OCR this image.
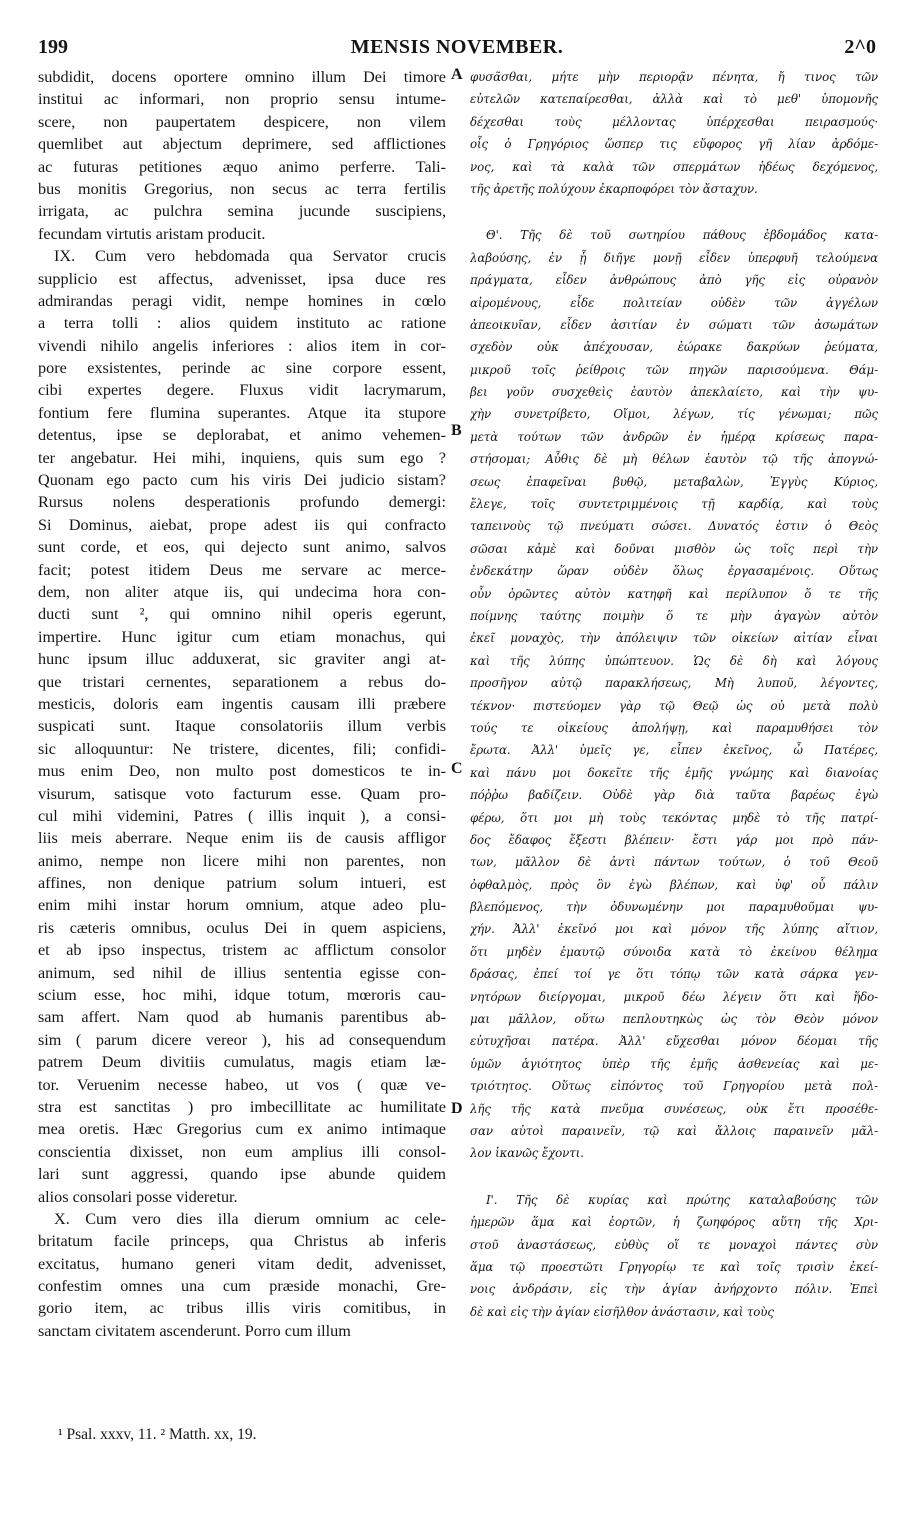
199	MENSIS NOVEMBER.	2^0
subdidit, docens oportere omnino illum Dei timore
institui ac informari, non proprio sensu intume-
scere, non paupertatem despicere, non vilem
quemlibet aut abjectum deprimere, sed afflictiones
ac futuras petitiones æquo animo perferre. Tali-
bus monitis Gregorius, non secus ac terra fertilis
irrigata, ac pulchra semina jucunde suscipiens,
fecundam virtutis aristam producit.
IX. Cum vero hebdomada qua Servator crucis
supplicio est affectus, advenisset, ipsa duce res
admirandas peragi vidit, nempe homines in cœlo
a terra tolli : alios quidem instituto ac ratione
vivendi nihilo angelis inferiores : alios item in cor-
pore exsistentes, perinde ac sine corpore essent,
cibi expertes degere. Fluxus vidit lacrymarum,
fontium fere flumina superantes. Atque ita stupore
detentus, ipse se deplorabat, et animo vehemen-
ter angebatur. Hei mihi, inquiens, quis sum ego ?
Quonam ego pacto cum his viris Dei judicio sistam?
Rursus nolens desperationis profundo demergi:
Si Dominus, aiebat, prope adest iis qui confracto
sunt corde, et eos, qui dejecto sunt animo, salvos
facit; potest itidem Deus me servare ac merce-
dem, non aliter atque iis, qui undecima hora con-
ducti sunt ², qui omnino nihil operis egerunt,
impertire. Hunc igitur cum etiam monachus, qui
hunc ipsum illuc adduxerat, sic graviter angi at-
que tristari cernentes, separationem a rebus do-
mesticis, doloris eam ingentis causam illi præbere
suspicati sunt. Itaque consolatoriis illum verbis
sic alloquuntur: Ne tristere, dicentes, fili; confidi-
mus enim Deo, non multo post domesticos te in-
visurum, satisque voto facturum esse. Quam pro-
cul mihi videmini, Patres ( illis inquit ), a consi-
liis meis aberrare. Neque enim iis de causis affligor
animo, nempe non licere mihi non parentes, non
affines, non denique patrium solum intueri, est
enim mihi instar horum omnium, atque adeo plu-
ris cæteris omnibus, oculus Dei in quem aspiciens,
et ab ipso inspectus, tristem ac afflictum consolor
animum, sed nihil de illius sententia egisse con-
scium esse, hoc mihi, idque totum, mœroris cau-
sam affert. Nam quod ab humanis parentibus ab-
sim ( parum dicere vereor ), his ad consequendum
patrem Deum divitiis cumulatus, magis etiam læ-
tor. Veruenim necesse habeo, ut vos ( quæ ve-
stra est sanctitas ) pro imbecillitate ac humilitate
mea oretis. Hæc Gregorius cum ex animo intimaque
conscientia dixisset, non eum amplius illi consol-
lari sunt aggressi, quando ipse abunde quidem
alios consolari posse videretur.
X. Cum vero dies illa dierum omnium ac cele-
britatum facile princeps, qua Christus ab inferis
excitatus, humano generi vitam dedit, advenisset,
confestim omnes una cum præside monachi, Gre-
gorio item, ac tribus illis viris comitibus, in
sanctam civitatem ascenderunt. Porro cum illum
φυσᾶσθαι, μήτε μὴν περιορᾷν πένητα, ἤ τινος τῶν
εὐτελῶν κατεπαίρεσθαι, ἀλλὰ καὶ τὸ μεθ' ὑπομονῆς
δέχεσθαι τοὺς μέλλοντας ὑπέρχεσθαι πειρασμούς·
οἷς ὁ Γρηγόριος ὥσπερ τις εὔφορος γῆ λίαν ἀρδόμε-
νος, καὶ τὰ καλὰ τῶν σπερμάτων ἡδέως δεχόμενος,
τῆς ἀρετῆς πολύχουν ἐκαρποφόρει τὸν ἄσταχυν.
Θ'. Τῆς δὲ τοῦ σωτηρίου πάθους ἑβδομάδος κατα-
λαβούσης, ἐν ᾗ διῆγε μονῇ εἶδεν ὑπερφυῆ τελούμενα
πράγματα, εἶδεν ἀνθρώπους ἀπὸ γῆς εἰς οὐρανὸν
αἰρομένους, εἶδε πολιτείαν οὐδὲν τῶν ἀγγέλων
ἀπεοικυῖαν, εἶδεν ἀσιτίαν ἐν σώματι τῶν ἀσωμάτων
σχεδὸν οὐκ ἀπέχουσαν, ἑώρακε δακρύων ῥεύματα,
μικροῦ τοῖς ῥείθροις τῶν πηγῶν παρισούμενα. Θάμ-
βει γοῦν συσχεθεὶς ἑαυτὸν ἀπεκλαίετο, καὶ τὴν ψυ-
χὴν συνετρίβετο, Οἴμοι, λέγων, τίς γένωμαι; πῶς
μετὰ τούτων τῶν ἀνδρῶν ἐν ἡμέρᾳ κρίσεως παρα-
στήσομαι; Αὖθις δὲ μὴ θέλων ἑαυτὸν τῷ τῆς ἀπογνώ-
σεως ἐπαφεῖναι βυθῷ, μεταβαλὼν, Ἐγγὺς Κύριος,
ἔλεγε, τοῖς συντετριμμένοις τῇ καρδίᾳ, καὶ τοὺς
ταπεινοὺς τῷ πνεύματι σώσει. Δυνατός ἐστιν ὁ Θεὸς
σῶσαι κἀμὲ καὶ δοῦναι μισθὸν ὡς τοῖς περὶ τὴν
ἐνδεκάτην ὥραν οὐδὲν ὅλως ἐργασαμένοις. Οὕτως
οὖν ὁρῶντες αὐτὸν κατηφῆ καὶ περίλυπον ὅ τε τῆς
ποίμνης ταύτης ποιμὴν ὅ τε μὴν ἀγαγὼν αὐτὸν
ἐκεῖ μοναχὸς, τὴν ἀπόλειψιν τῶν οἰκείων αἰτίαν εἶναι
καὶ τῆς λύπης ὑπώπτευον. Ὡς δὲ δὴ καὶ λόγους
προσῆγον αὐτῷ παρακλήσεως, Μὴ λυποῦ, λέγοντες,
τέκνον· πιστεύομεν γὰρ τῷ Θεῷ ὡς οὐ μετὰ πολὺ
τούς τε οἰκείους ἀπολήψῃ, καὶ παραμυθήσει τὸν
ἔρωτα. Ἀλλ' ὑμεῖς γε, εἶπεν ἐκεῖνος, ὦ Πατέρες,
καὶ πάνυ μοι δοκεῖτε τῆς ἐμῆς γνώμης καὶ διανοίας
πόῤῥω βαδίζειν. Οὐδὲ γὰρ διὰ ταῦτα βαρέως ἐγὼ
φέρω, ὅτι μοι μὴ τοὺς τεκόντας μηδὲ τὸ τῆς πατρί-
δος ἔδαφος ἔξεστι βλέπειν· ἔστι γάρ μοι πρὸ πάν-
των, μᾶλλον δὲ ἀντὶ πάντων τούτων, ὁ τοῦ Θεοῦ
ὀφθαλμὸς, πρὸς ὃν ἐγὼ βλέπων, καὶ ὑφ' οὗ πάλιν
βλεπόμενος, τὴν ὀδυνωμένην μοι παραμυθοῦμαι ψυ-
χήν. Ἀλλ' ἐκεῖνό μοι καὶ μόνον τῆς λύπης αἴτιον,
ὅτι μηδὲν ἐμαυτῷ σύνοιδα κατὰ τὸ ἐκείνου θέλημα
δράσας, ἐπεί τοί γε ὅτι τόπῳ τῶν κατὰ σάρκα γεν-
νητόρων διείργομαι, μικροῦ δέω λέγειν ὅτι καὶ ἥδο-
μαι μᾶλλον, οὕτω πεπλουτηκὼς ὡς τὸν Θεὸν μόνον
εὐτυχῆσαι πατέρα. Ἀλλ' εὔχεσθαι μόνον δέομαι τῆς
ὑμῶν ἁγιότητος ὑπὲρ τῆς ἐμῆς ἀσθενείας καὶ με-
τριότητος. Οὕτως εἰπόντος τοῦ Γρηγορίου μετὰ πολ-
λῆς τῆς κατὰ πνεῦμα συνέσεως, οὐκ ἔτι προσέθε-
σαν αὐτοὶ παραινεῖν, τῷ καὶ ἄλλοις παραινεῖν μᾶλ-
λον ἱκανῶς ἔχοντι.
Ι'. Τῆς δὲ κυρίας καὶ πρώτης καταλαβούσης τῶν
ἡμερῶν ἅμα καὶ ἑορτῶν, ἡ ζωηφόρος αὕτη τῆς Χρι-
στοῦ ἀναστάσεως, εὐθὺς οἵ τε μοναχοὶ πάντες σὺν
ἅμα τῷ προεστῶτι Γρηγορίῳ τε καὶ τοῖς τρισὶν ἐκεί-
νοις ἀνδράσιν, εἰς τὴν ἁγίαν ἀνήρχοντο πόλιν. Ἐπεὶ
δὲ καὶ εἰς τὴν ἁγίαν εἰσῆλθον ἀνάστασιν, καὶ τοὺς
A
B
C
D
¹ Psal. xxxv, 11. ² Matth. xx, 19.
